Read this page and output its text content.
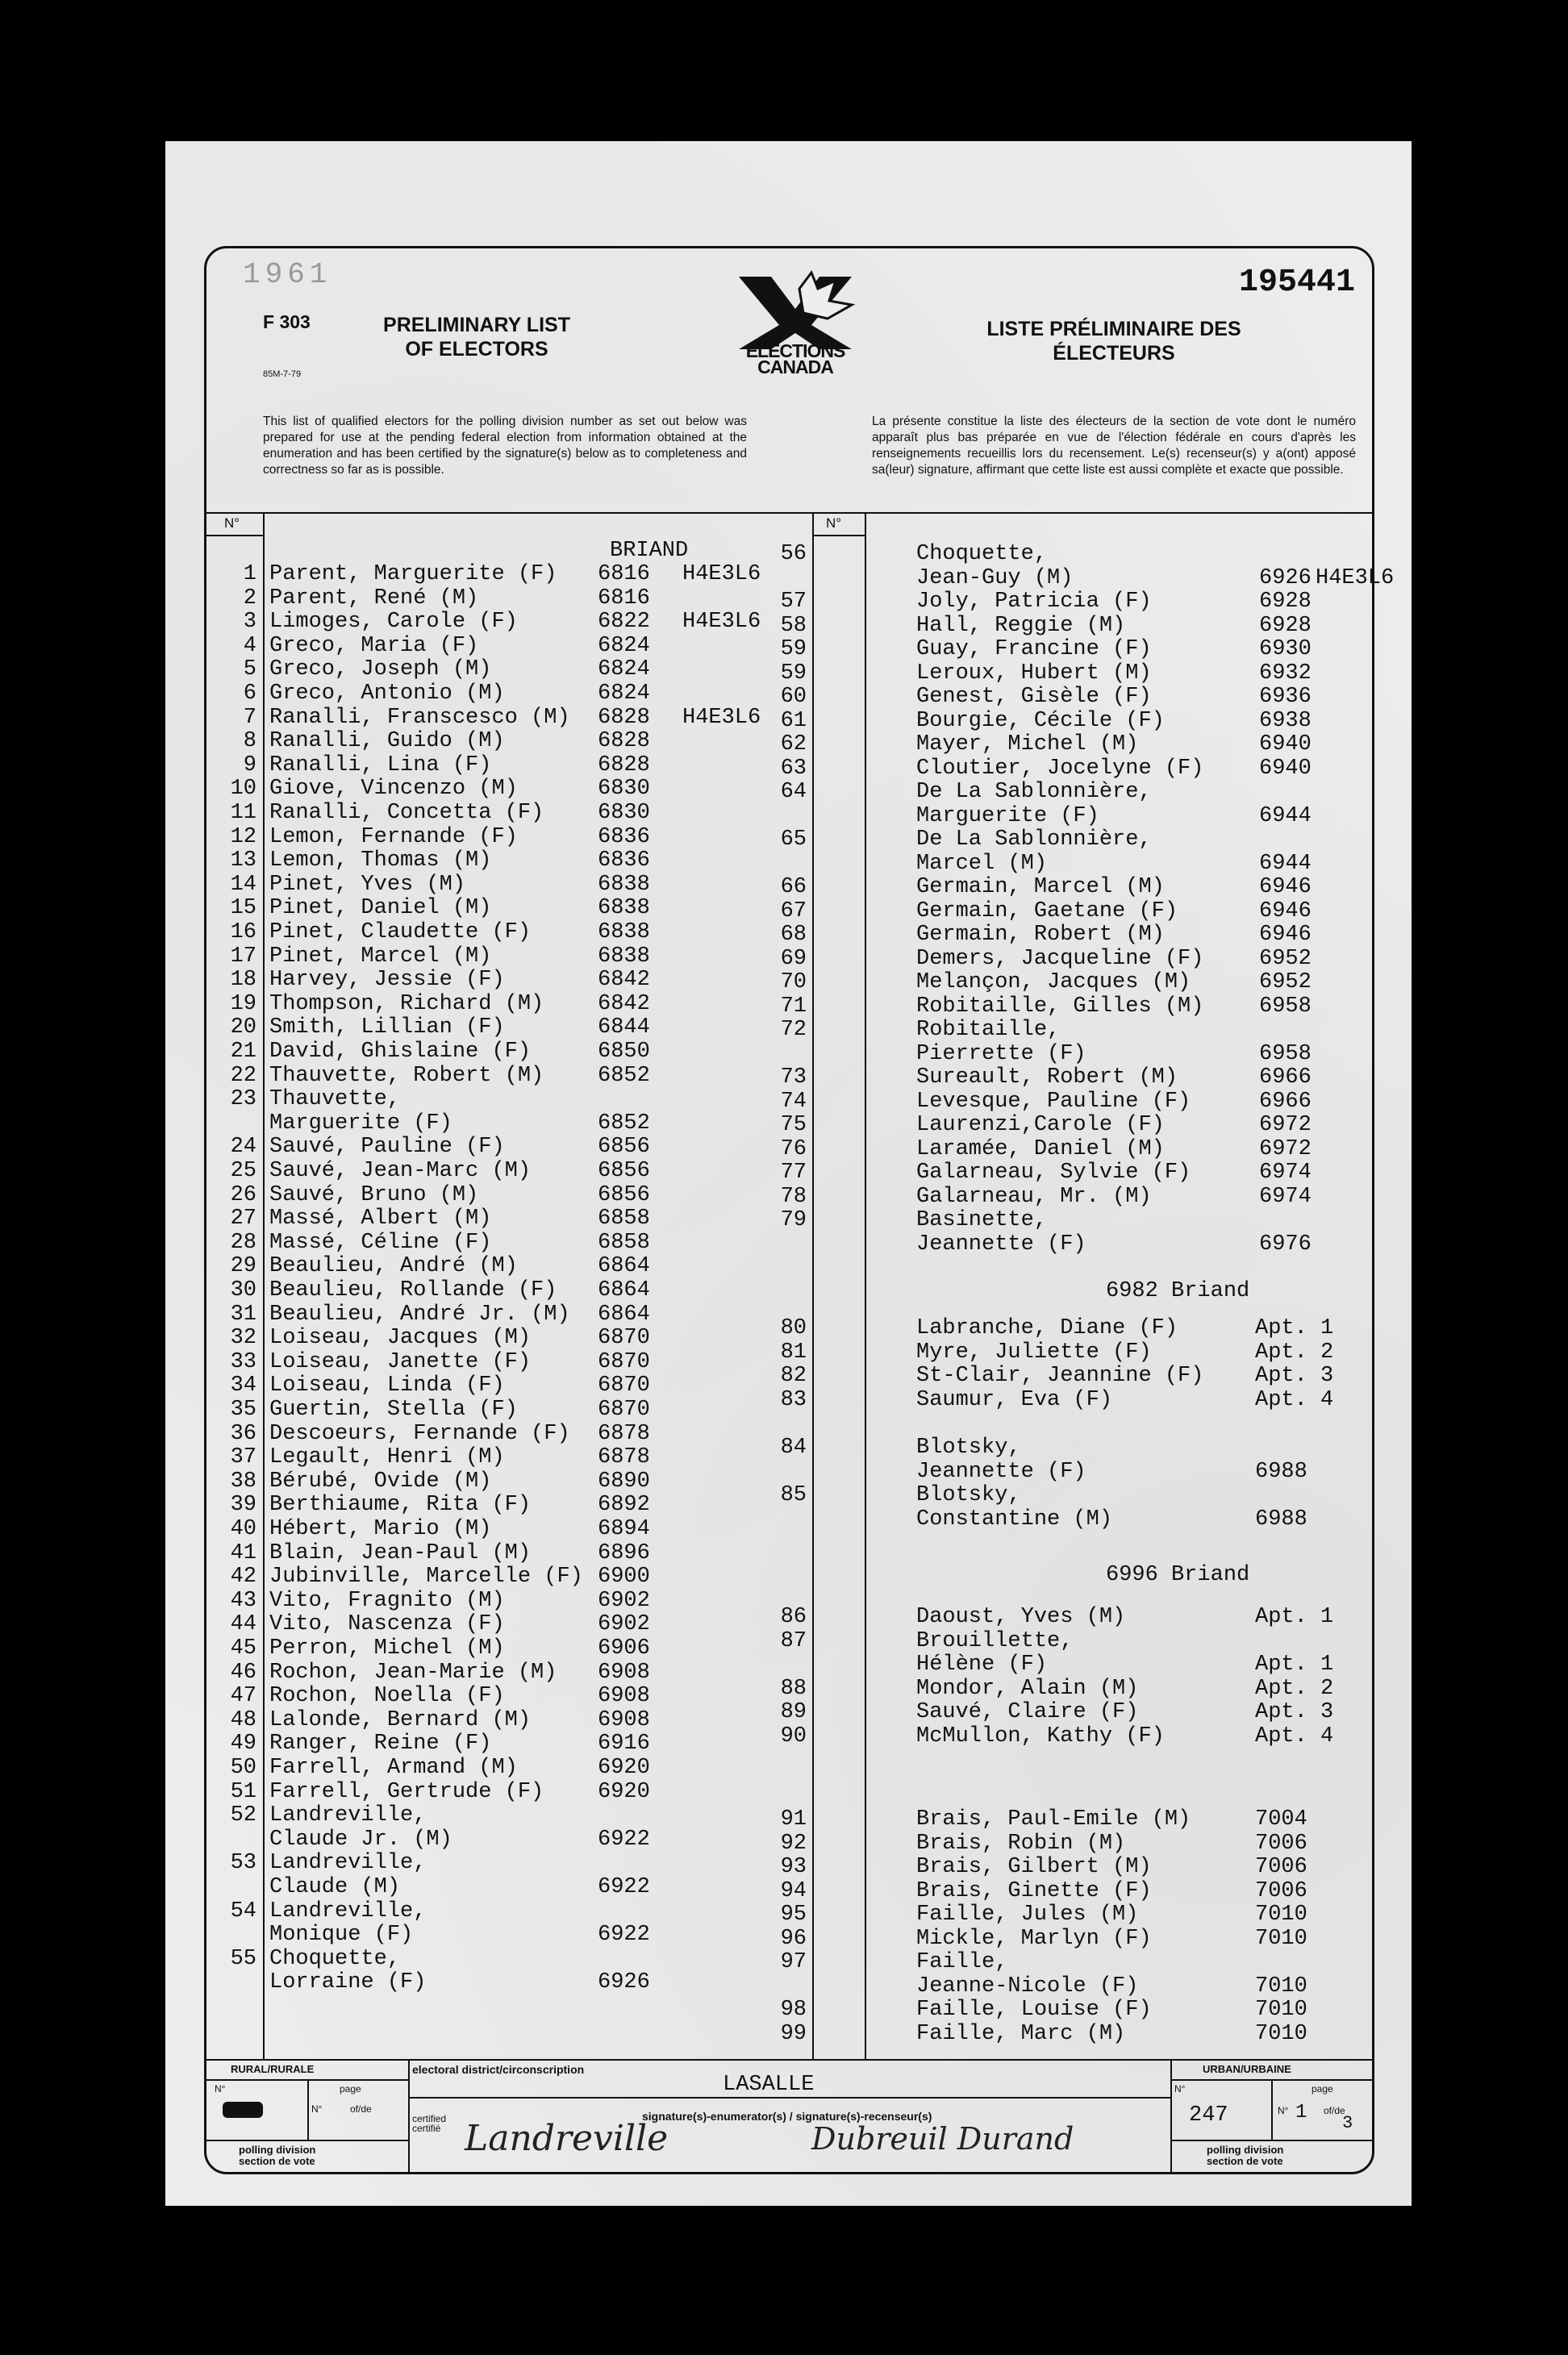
195441
1961
F 303
85M-7-79
PRELIMINARY LIST OF ELECTORS
LISTE PRÉLIMINAIRE DES ÉLECTEURS
ELECTIONS
CANADA
This list of qualified electors for the polling division number as set out below was prepared for use at the pending federal election from information obtained at the enumeration and has been certified by the signature(s) below as to completeness and correctness so far as is possible.
La présente constitue la liste des électeurs de la section de vote dont le numéro apparaît plus bas préparée en vue de l'élection fédérale en cours d'après les renseignements recueillis lors du recensement. Le(s) recenseur(s) y a(ont) apposé sa(leur) signature, affirmant que cette liste est aussi complète et exacte que possible.
N°	N°
BRIAND
1 Parent, Marguerite (F) 6816 H4E3L6
2 Parent, René (M)	6816
3 Limoges, Carole (F)	6822 H4E3L6
4 Greco, Maria (F)	6824
5 Greco, Joseph (M)	6824
6 Greco, Antonio (M)	6824
7 Ranalli, Franscesco (M) 6828 H4E3L6
8 Ranalli, Guido (M)	6828
9 Ranalli, Lina (F)	6828
10 Giove, Vincenzo (M)	6830
11 Ranalli, Concetta (F) 6830
12 Lemon, Fernande (F)	6836
13 Lemon, Thomas (M)	6836
14 Pinet, Yves (M)	6838
15 Pinet, Daniel (M)	6838
16 Pinet, Claudette (F)	6838
17 Pinet, Marcel (M)	6838
18 Harvey, Jessie (F)	6842
19 Thompson, Richard (M) 6842
20 Smith, Lillian (F)	6844
21 David, Ghislaine (F)	6850
22 Thauvette, Robert (M) 6852
23 Thauvette,
Marguerite (F)	6852
24 Sauvé, Pauline (F)	6856
25 Sauvé, Jean-Marc (M)	6856
26 Sauvé, Bruno (M)	6856
27 Massé, Albert (M)	6858
28 Massé, Céline (F)	6858
29 Beaulieu, André (M)	6864
30 Beaulieu, Rollande (F) 6864
31 Beaulieu, André Jr. (M) 6864
32 Loiseau, Jacques (M)	6870
33 Loiseau, Janette (F)	6870
34 Loiseau, Linda (F)	6870
35 Guertin, Stella (F)	6870
36 Descoeurs, Fernande (F) 6878
37 Legault, Henri (M)	6878
38 Bérubé, Ovide (M)	6890
39 Berthiaume, Rita (F)	6892
40 Hébert, Mario (M)	6894
41 Blain, Jean-Paul (M)	6896
42 Jubinville, Marcelle (F) 6900
43 Vito, Fragnito (M)	6902
44 Vito, Nascenza (F)	6902
45 Perron, Michel (M)	6906
46 Rochon, Jean-Marie (M) 6908
47 Rochon, Noella (F)	6908
48 Lalonde, Bernard (M)	6908
49 Ranger, Reine (F)	6916
50 Farrell, Armand (M)	6920
51 Farrell, Gertrude (F) 6920
52 Landreville,
Claude Jr. (M)	6922
53 Landreville,
Claude (M)	6922
54 Landreville,
Monique (F)	6922
55 Choquette,
Lorraine (F)	6926
56	Choquette,
Jean-Guy (M)	6926 H4E3L6
57	Joly, Patricia (F)	6928
58	Hall, Reggie (M)	6928
59	Guay, Francine (F)	6930
59	Leroux, Hubert (M)	6932
60	Genest, Gisèle (F)	6936
61	Bourgie, Cécile (F)	6938
62	Mayer, Michel (M)	6940
63	Cloutier, Jocelyne (F)	6940
64	De La Sablonnière,
Marguerite (F)	6944
65	De La Sablonnière,
Marcel (M)	6944
66	Germain, Marcel (M)	6946
67	Germain, Gaetane (F)	6946
68	Germain, Robert (M)	6946
69	Demers, Jacqueline (F)	6952
70	Melançon, Jacques (M)	6952
71	Robitaille, Gilles (M)	6958
72	Robitaille,
Pierrette (F)	6958
73	Sureault, Robert (M)	6966
74	Levesque, Pauline (F)	6966
75	Laurenzi,Carole (F)	6972
76	Laramée, Daniel (M)	6972
77	Galarneau, Sylvie (F)	6974
78	Galarneau, Mr. (M)	6974
79	Basinette,
Jeannette (F)	6976
6982 Briand
80	Labranche, Diane (F)	Apt. 1
81	Myre, Juliette (F)	Apt. 2
82	St-Clair, Jeannine (F) Apt. 3
83	Saumur, Eva (F)	Apt. 4
84	Blotsky,
Jeannette (F)	6988
85	Blotsky,
Constantine (M)	6988
6996 Briand
86	Daoust, Yves (M)	Apt. 1
87	Brouillette,
Hélène (F)	Apt. 1
88	Mondor, Alain (M)	Apt. 2
89	Sauvé, Claire (F)	Apt. 3
90	McMullon, Kathy (F)	Apt. 4
91	Brais, Paul-Emile (M)	7004
92	Brais, Robin (M)	7006
93	Brais, Gilbert (M)	7006
94	Brais, Ginette (F)	7006
95	Faille, Jules (M)	7010
96	Mickle, Marlyn (F)	7010
97	Faille,
Jeanne-Nicole (F)	7010
98	Faille, Louise (F)	7010
99	Faille, Marc (M)	7010
RURAL/RURALE
N°	page
N°	of/de
polling division
section de vote
electoral district/circonscription
LASALLE
certified
certifié
signature(s)-enumerator(s) / signature(s)-recenseur(s)
Landreville	Dubreuil Durand
URBAN/URBAINE
N°	page
247	N° 1 of/de
3
polling division
section de vote
